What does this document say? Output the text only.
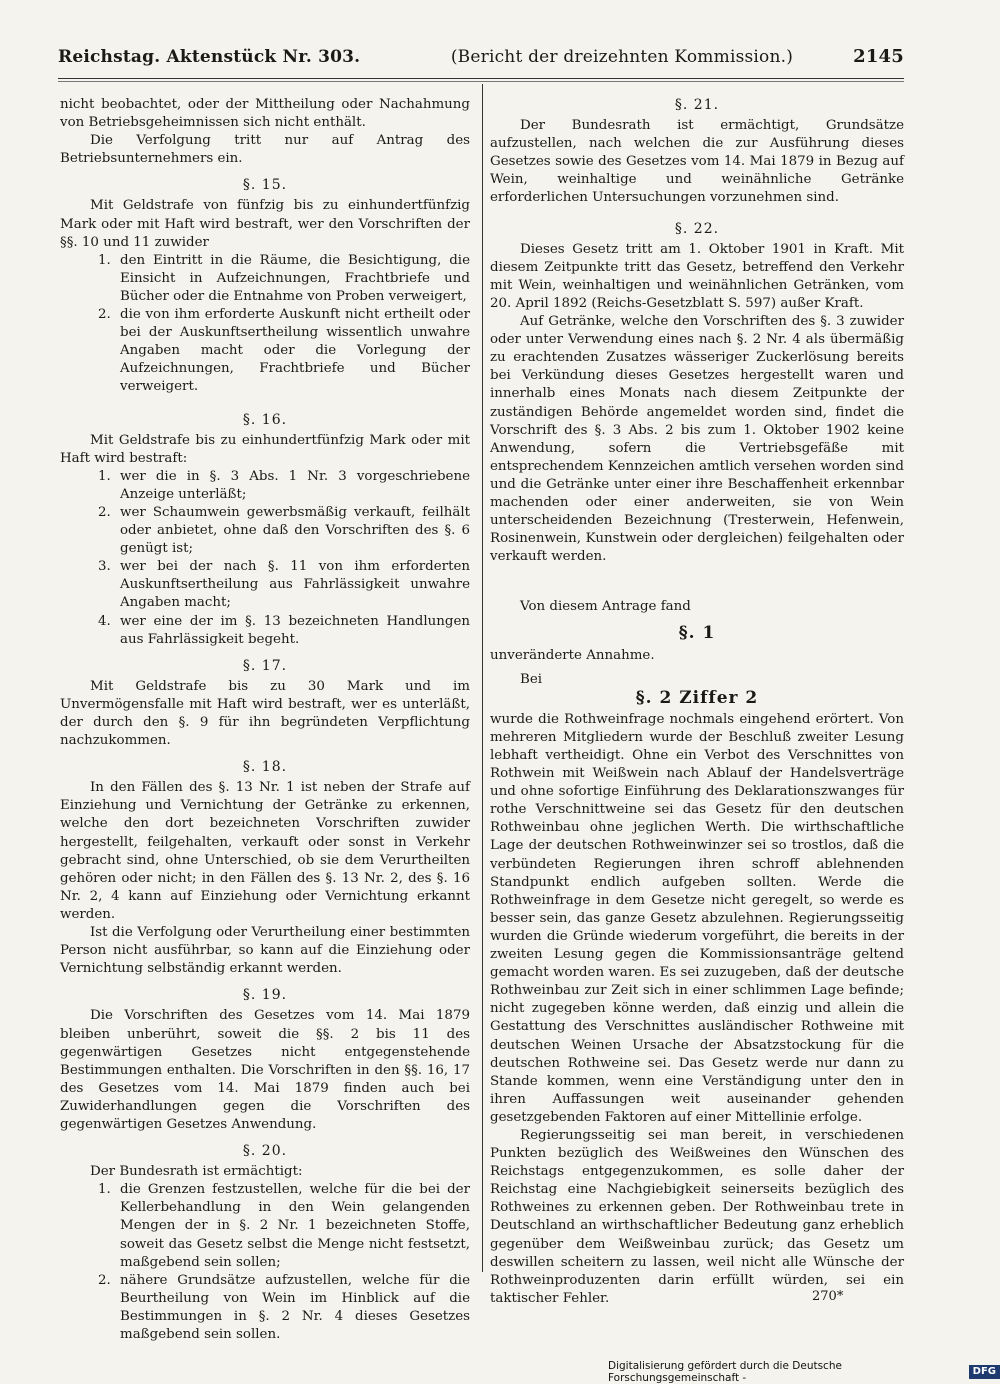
Reichstag. Aktenstück Nr. 303.	(Bericht der dreizehnten Kommission.)	2145

nicht beobachtet, oder der Mittheilung oder Nachahmung von Betriebsgeheimnissen sich nicht enthält.

Die Verfolgung tritt nur auf Antrag des Betriebsunternehmers ein.

§. 15.

Mit Geldstrafe von fünfzig bis zu einhundertfünfzig Mark oder mit Haft wird bestraft, wer den Vorschriften der §§. 10 und 11 zuwider

1. den Eintritt in die Räume, die Besichtigung, die Einsicht in Aufzeichnungen, Frachtbriefe und Bücher oder die Entnahme von Proben verweigert,
2. die von ihm erforderte Auskunft nicht ertheilt oder bei der Auskunftsertheilung wissentlich unwahre Angaben macht oder die Vorlegung der Aufzeichnungen, Frachtbriefe und Bücher verweigert.
§. 16.

Mit Geldstrafe bis zu einhundertfünfzig Mark oder mit Haft wird bestraft:

1. wer die in §. 3 Abs. 1 Nr. 3 vorgeschriebene Anzeige unterläßt;
2. wer Schaumwein gewerbsmäßig verkauft, feilhält oder anbietet, ohne daß den Vorschriften des §. 6 genügt ist;
3. wer bei der nach §. 11 von ihm erforderten Auskunftsertheilung aus Fahrlässigkeit unwahre Angaben macht;
4. wer eine der im §. 13 bezeichneten Handlungen aus Fahrlässigkeit begeht.
§. 17.

Mit Geldstrafe bis zu 30 Mark und im Unvermögensfalle mit Haft wird bestraft, wer es unterläßt, der durch den §. 9 für ihn begründeten Verpflichtung nachzukommen.

§. 18.

In den Fällen des §. 13 Nr. 1 ist neben der Strafe auf Einziehung und Vernichtung der Getränke zu erkennen, welche den dort bezeichneten Vorschriften zuwider hergestellt, feilgehalten, verkauft oder sonst in Verkehr gebracht sind, ohne Unterschied, ob sie dem Verurtheilten gehören oder nicht; in den Fällen des §. 13 Nr. 2, des §. 16 Nr. 2, 4 kann auf Einziehung oder Vernichtung erkannt werden.

Ist die Verfolgung oder Verurtheilung einer bestimmten Person nicht ausführbar, so kann auf die Einziehung oder Vernichtung selbständig erkannt werden.

§. 19.

Die Vorschriften des Gesetzes vom 14. Mai 1879 bleiben unberührt, soweit die §§. 2 bis 11 des gegenwärtigen Gesetzes nicht entgegenstehende Bestimmungen enthalten. Die Vorschriften in den §§. 16, 17 des Gesetzes vom 14. Mai 1879 finden auch bei Zuwiderhandlungen gegen die Vorschriften des gegenwärtigen Gesetzes Anwendung.

§. 20.

Der Bundesrath ist ermächtigt:

1. die Grenzen festzustellen, welche für die bei der Kellerbehandlung in den Wein gelangenden Mengen der in §. 2 Nr. 1 bezeichneten Stoffe, soweit das Gesetz selbst die Menge nicht festsetzt, maßgebend sein sollen;
2. nähere Grundsätze aufzustellen, welche für die Beurtheilung von Wein im Hinblick auf die Bestimmungen in §. 2 Nr. 4 dieses Gesetzes maßgebend sein sollen.
§. 21.

Der Bundesrath ist ermächtigt, Grundsätze aufzustellen, nach welchen die zur Ausführung dieses Gesetzes sowie des Gesetzes vom 14. Mai 1879 in Bezug auf Wein, weinhaltige und weinähnliche Getränke erforderlichen Untersuchungen vorzunehmen sind.

§. 22.

Dieses Gesetz tritt am 1. Oktober 1901 in Kraft. Mit diesem Zeitpunkte tritt das Gesetz, betreffend den Verkehr mit Wein, weinhaltigen und weinähnlichen Getränken, vom 20. April 1892 (Reichs-Gesetzblatt S. 597) außer Kraft.

Auf Getränke, welche den Vorschriften des §. 3 zuwider oder unter Verwendung eines nach §. 2 Nr. 4 als übermäßig zu erachtenden Zusatzes wässeriger Zuckerlösung bereits bei Verkündung dieses Gesetzes hergestellt waren und innerhalb eines Monats nach diesem Zeitpunkte der zuständigen Behörde angemeldet worden sind, findet die Vorschrift des §. 3 Abs. 2 bis zum 1. Oktober 1902 keine Anwendung, sofern die Vertriebsgefäße mit entsprechendem Kennzeichen amtlich versehen worden sind und die Getränke unter einer ihre Beschaffenheit erkennbar machenden oder einer anderweiten, sie von Wein unterscheidenden Bezeichnung (Tresterwein, Hefenwein, Rosinenwein, Kunstwein oder dergleichen) feilgehalten oder verkauft werden.

Von diesem Antrage fand

§. 1

unveränderte Annahme.

Bei

§. 2 Ziffer 2

wurde die Rothweinfrage nochmals eingehend erörtert. Von mehreren Mitgliedern wurde der Beschluß zweiter Lesung lebhaft vertheidigt. Ohne ein Verbot des Verschnittes von Rothwein mit Weißwein nach Ablauf der Handelsverträge und ohne sofortige Einführung des Deklarationszwanges für rothe Verschnittweine sei das Gesetz für den deutschen Rothweinbau ohne jeglichen Werth. Die wirthschaftliche Lage der deutschen Rothweinwinzer sei so trostlos, daß die verbündeten Regierungen ihren schroff ablehnenden Standpunkt endlich aufgeben sollten. Werde die Rothweinfrage in dem Gesetze nicht geregelt, so werde es besser sein, das ganze Gesetz abzulehnen. Regierungsseitig wurden die Gründe wiederum vorgeführt, die bereits in der zweiten Lesung gegen die Kommissionsanträge geltend gemacht worden waren. Es sei zuzugeben, daß der deutsche Rothweinbau zur Zeit sich in einer schlimmen Lage befinde; nicht zugegeben könne werden, daß einzig und allein die Gestattung des Verschnittes ausländischer Rothweine mit deutschen Weinen Ursache der Absatzstockung für die deutschen Rothweine sei. Das Gesetz werde nur dann zu Stande kommen, wenn eine Verständigung unter den in ihren Auffassungen weit auseinander gehenden gesetzgebenden Faktoren auf einer Mittellinie erfolge.

Regierungsseitig sei man bereit, in verschiedenen Punkten bezüglich des Weißweines den Wünschen des Reichstags entgegenzukommen, es solle daher der Reichstag eine Nachgiebigkeit seinerseits bezüglich des Rothweines zu erkennen geben. Der Rothweinbau trete in Deutschland an wirthschaftlicher Bedeutung ganz erheblich gegenüber dem Weißweinbau zurück; das Gesetz um deswillen scheitern zu lassen, weil nicht alle Wünsche der Rothweinproduzenten darin erfüllt würden, sei ein taktischer Fehler.	270*
Digitalisierung gefördert durch die Deutsche Forschungsgemeinschaft -
DFG
